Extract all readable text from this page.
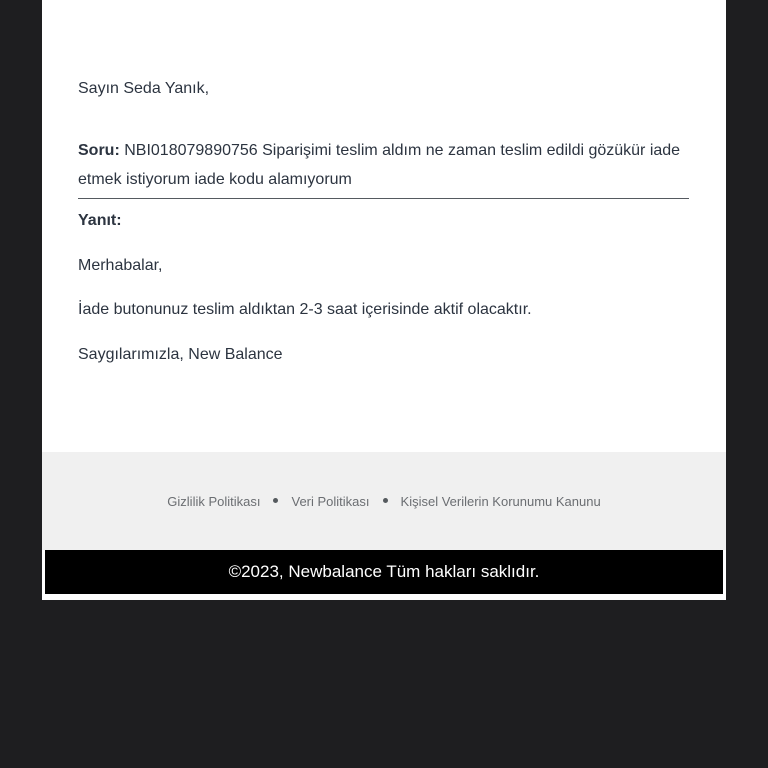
Sayın Seda Yanık,

Soru: NBI018079890756 Siparişimi teslim aldım ne zaman teslim edildi gözükür iade etmek istiyorum iade kodu alamıyorum

Yanıt:

Merhabalar,

İade butonunuz teslim aldıktan 2-3 saat içerisinde aktif olacaktır.

Saygılarımızla, New Balance

Gizlilik Politikası Veri Politikası Kişisel Verilerin Korunumu Kanunu
©2023, Newbalance Tüm hakları saklıdır.
